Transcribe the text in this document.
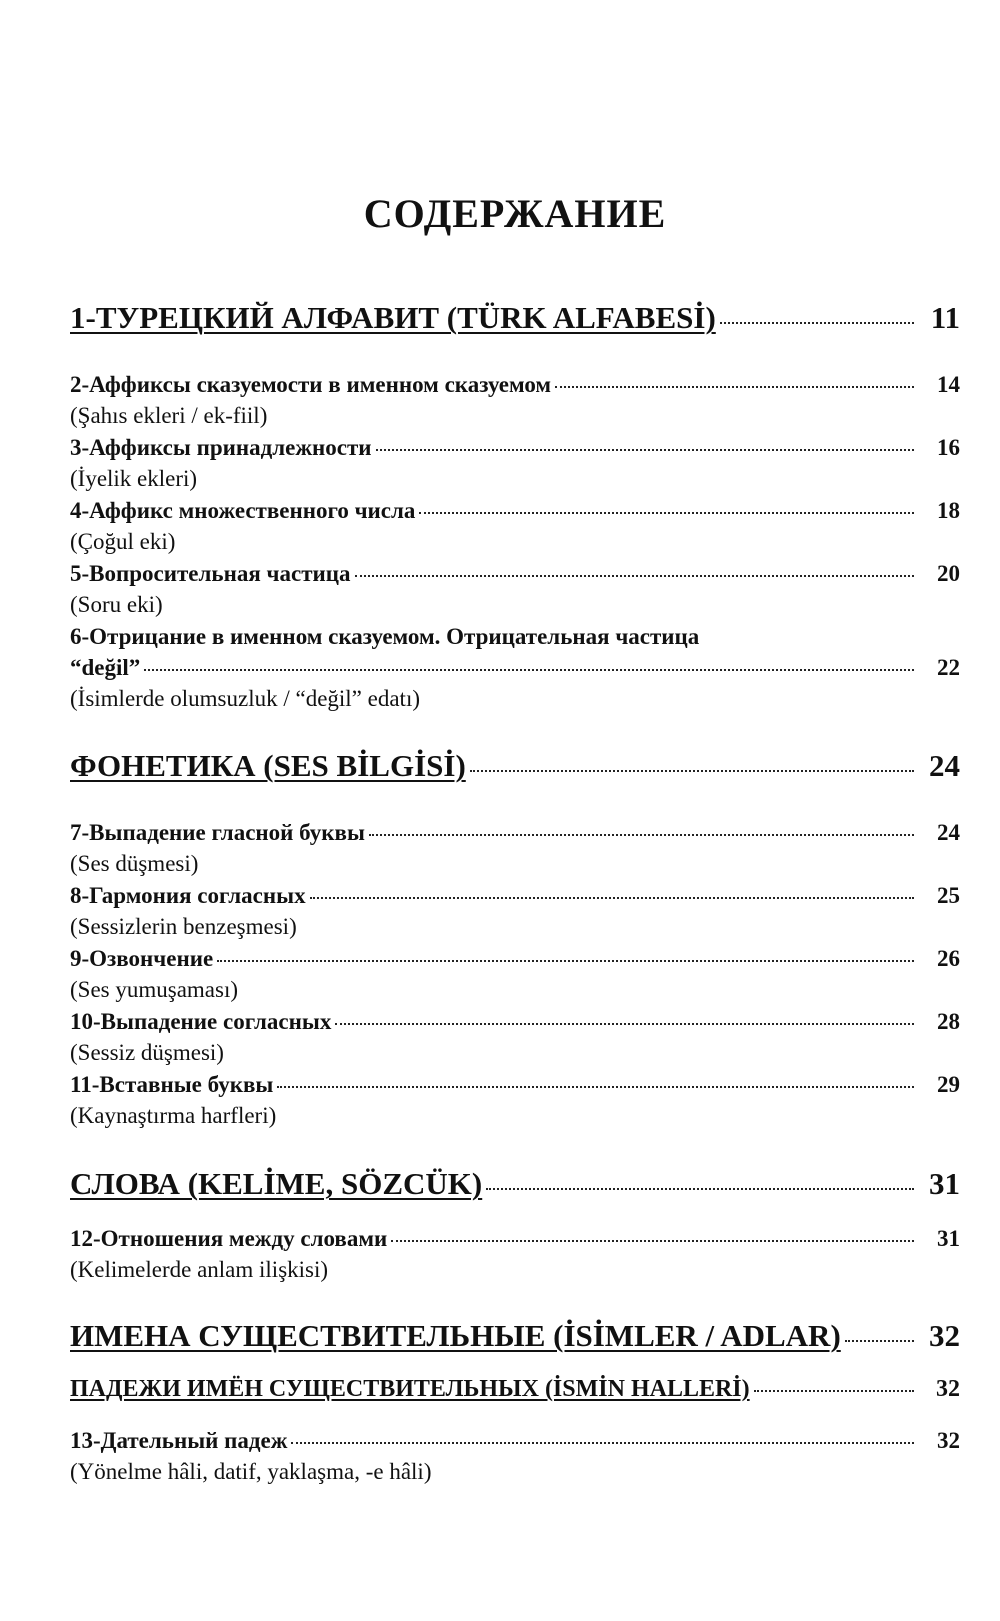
СОДЕРЖАНИЕ
1-ТУРЕЦКИЙ АЛФАВИТ (TÜRK ALFABESİ)	11
2-Аффиксы сказуемости в именном сказуемом	14
(Şahıs ekleri / ek-fiil)
3-Аффиксы принадлежности	16
(İyelik ekleri)
4-Аффикс множественного числа	18
(Çoğul eki)
5-Вопросительная частица	20
(Soru eki)
6-Отрицание в именном сказуемом. Отрицательная частица
“değil”	22
(İsimlerde olumsuzluk / “değil” edatı)
ФОНЕТИКА (SES BİLGİSİ)	24
7-Выпадение гласной буквы	24
(Ses düşmesi)
8-Гармония согласных	25
(Sessizlerin benzeşmesi)
9-Озвончение	26
(Ses yumuşaması)
10-Выпадение согласных	28
(Sessiz düşmesi)
11-Вставные буквы	29
(Kaynaştırma harfleri)
СЛОВА (KELİME, SÖZCÜK)	31
12-Отношения между словами	31
(Kelimelerde anlam ilişkisi)
ИМЕНА СУЩЕСТВИТЕЛЬНЫЕ (İSİMLER / ADLAR)	32
ПАДЕЖИ ИМЁН СУЩЕСТВИТЕЛЬНЫХ (İSMİN HALLERİ)	32
13-Дательный падеж	32
(Yönelme hâli, datif, yaklaşma, -e hâli)
